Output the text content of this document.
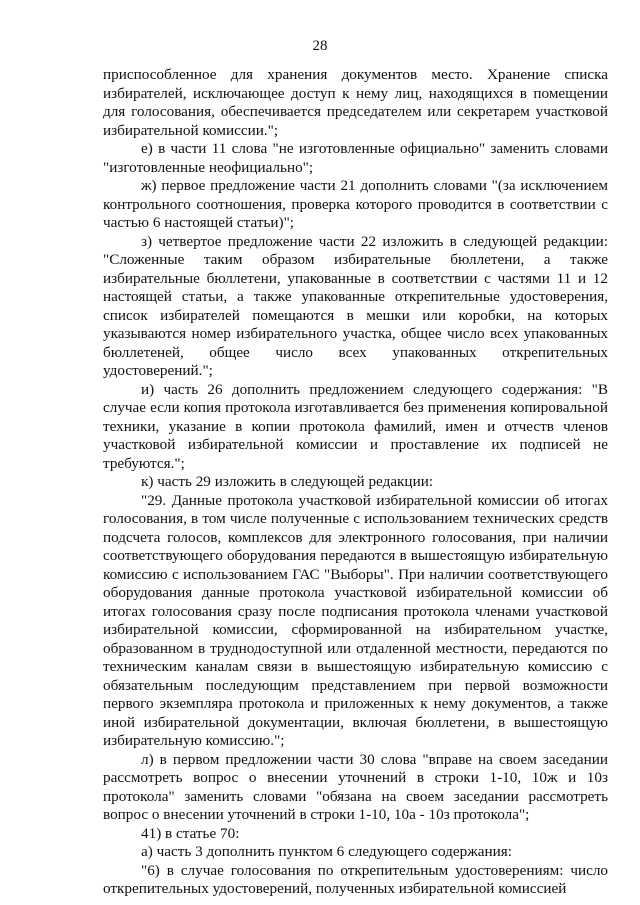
28

приспособленное для хранения документов место. Хранение списка избирателей, исключающее доступ к нему лиц, находящихся в помещении для голосования, обеспечивается председателем или секретарем участковой избирательной комиссии.";

е) в части 11 слова "не изготовленные официально" заменить словами "изготовленные неофициально";

ж) первое предложение части 21 дополнить словами "(за исключением контрольного соотношения, проверка которого проводится в соответствии с частью 6 настоящей статьи)";

з) четвертое предложение части 22 изложить в следующей редакции: "Сложенные таким образом избирательные бюллетени, а также избирательные бюллетени, упакованные в соответствии с частями 11 и 12 настоящей статьи, а также упакованные открепительные удостоверения, список избирателей помещаются в мешки или коробки, на которых указываются номер избирательного участка, общее число всех упакованных бюллетеней, общее число всех упакованных открепительных удостоверений.";

и) часть 26 дополнить предложением следующего содержания: "В случае если копия протокола изготавливается без применения копировальной техники, указание в копии протокола фамилий, имен и отчеств членов участковой избирательной комиссии и проставление их подписей не требуются.";

к) часть 29 изложить в следующей редакции:

"29. Данные протокола участковой избирательной комиссии об итогах голосования, в том числе полученные с использованием технических средств подсчета голосов, комплексов для электронного голосования, при наличии соответствующего оборудования передаются в вышестоящую избирательную комиссию с использованием ГАС "Выборы". При наличии соответствующего оборудования данные протокола участковой избирательной комиссии об итогах голосования сразу после подписания протокола членами участковой избирательной комиссии, сформированной на избирательном участке, образованном в труднодоступной или отдаленной местности, передаются по техническим каналам связи в вышестоящую избирательную комиссию с обязательным последующим представлением при первой возможности первого экземпляра протокола и приложенных к нему документов, а также иной избирательной документации, включая бюллетени, в вышестоящую избирательную комиссию.";

л) в первом предложении части 30 слова "вправе на своем заседании рассмотреть вопрос о внесении уточнений в строки 1-10, 10ж и 10з протокола" заменить словами "обязана на своем заседании рассмотреть вопрос о внесении уточнений в строки 1-10, 10а - 10з протокола";

41) в статье 70:

а) часть 3 дополнить пунктом 6 следующего содержания:

"6) в случае голосования по открепительным удостоверениям: число открепительных удостоверений, полученных избирательной комиссией
